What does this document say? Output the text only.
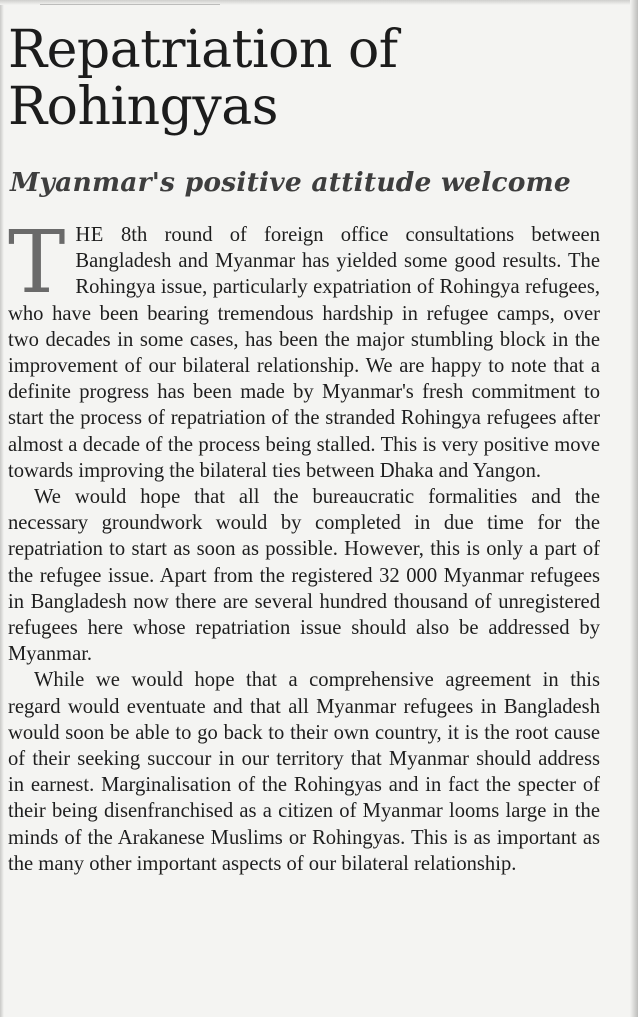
Repatriation of Rohingyas
Myanmar's positive attitude welcome

THE 8th round of foreign office consultations between Bangladesh and Myanmar has yielded some good results. The Rohingya issue, particularly expatriation of Rohingya refugees, who have been bearing tremendous hardship in refugee camps, over two decades in some cases, has been the major stumbling block in the improvement of our bilateral relationship. We are happy to note that a definite progress has been made by Myanmar's fresh commitment to start the process of repatriation of the stranded Rohingya refugees after almost a decade of the process being stalled. This is very positive move towards improving the bilateral ties between Dhaka and Yangon.

We would hope that all the bureaucratic formalities and the necessary groundwork would by completed in due time for the repatriation to start as soon as possible. However, this is only a part of the refugee issue. Apart from the registered 32 000 Myanmar refugees in Bangladesh now there are several hundred thousand of unregistered refugees here whose repatriation issue should also be addressed by Myanmar.

While we would hope that a comprehensive agreement in this regard would eventuate and that all Myanmar refugees in Bangladesh would soon be able to go back to their own country, it is the root cause of their seeking succour in our territory that Myanmar should address in earnest. Marginalisation of the Rohingyas and in fact the specter of their being disenfranchised as a citizen of Myanmar looms large in the minds of the Arakanese Muslims or Rohingyas. This is as important as the many other important aspects of our bilateral relationship.
